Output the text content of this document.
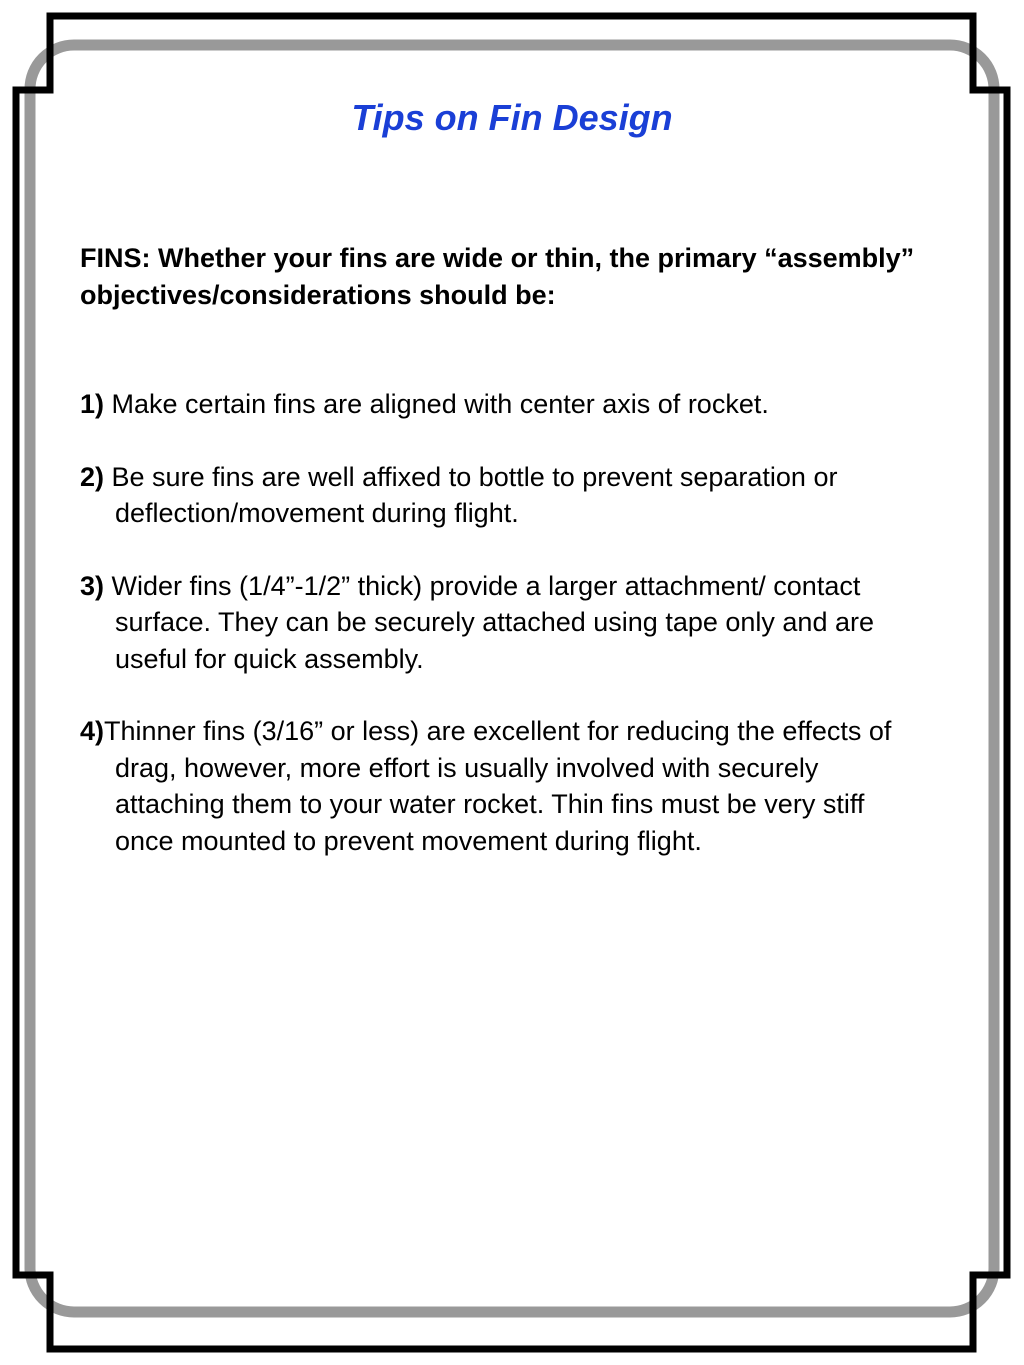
Tips on Fin Design
FINS: Whether your fins are wide or thin, the primary “assembly” objectives/considerations should be:
1) Make certain fins are aligned with center axis of rocket.
2) Be sure fins are well affixed to bottle to prevent separation or deflection/movement during flight.
3) Wider fins (1/4”-1/2” thick) provide a larger attachment/ contact surface. They can be securely attached using tape only and are useful for quick assembly.
4)Thinner fins (3/16” or less) are excellent for reducing the effects of drag, however, more effort is usually involved with securely attaching them to your water rocket. Thin fins must be very stiff once mounted to prevent movement during flight.
